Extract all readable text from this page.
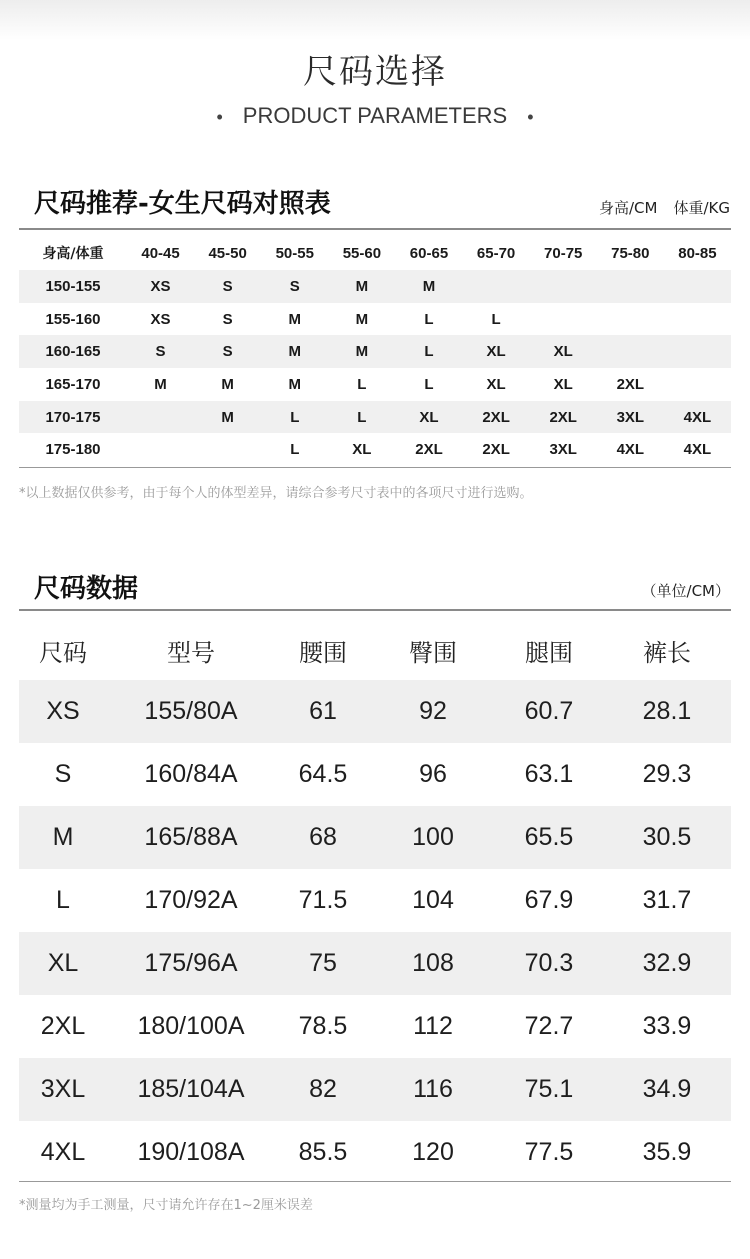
尺码选择
• PRODUCT PARAMETERS •
尺码推荐-女生尺码对照表	身高/CM 体重/KG
身高/体重	40-45	45-50	50-55	55-60	60-65	65-70	70-75	75-80	80-85
150-155	XS	S	S	M	M				
155-160	XS	S	M	M	L	L			
160-165	S	S	M	M	L	XL	XL		
165-170	M	M	M	L	L	XL	XL	2XL	
170-175		M	L	L	XL	2XL	2XL	3XL	4XL
175-180			L	XL	2XL	2XL	3XL	4XL	4XL
*以上数据仅供参考，由于每个人的体型差异，请综合参考尺寸表中的各项尺寸进行选购。
尺码数据	（单位/CM）
尺码	型号	腰围	臀围	腿围	裤长
XS	155/80A	61	92	60.7	28.1
S	160/84A	64.5	96	63.1	29.3
M	165/88A	68	100	65.5	30.5
L	170/92A	71.5	104	67.9	31.7
XL	175/96A	75	108	70.3	32.9
2XL	180/100A	78.5	112	72.7	33.9
3XL	185/104A	82	116	75.1	34.9
4XL	190/108A	85.5	120	77.5	35.9
*测量均为手工测量，尺寸请允许存在1~2厘米误差
